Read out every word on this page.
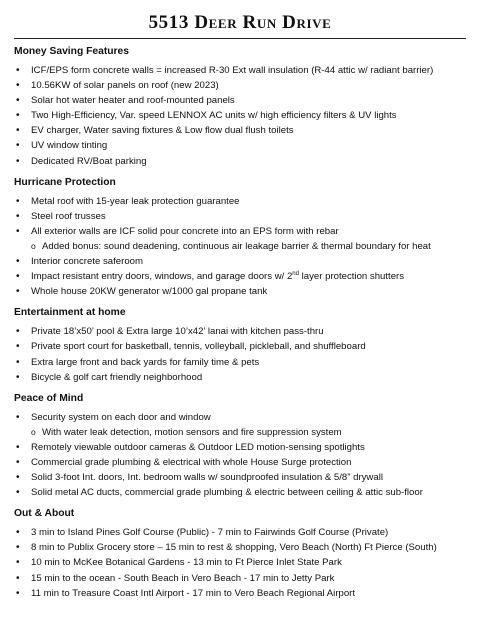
5513 Deer Run Drive
Money Saving Features
• ICF/EPS form concrete walls = increased R-30 Ext wall insulation (R-44 attic w/ radiant barrier)
• 10.56KW of solar panels on roof (new 2023)
• Solar hot water heater and roof-mounted panels
• Two High-Efficiency, Var. speed LENNOX AC units w/ high efficiency filters & UV lights
• EV charger, Water saving fixtures & Low flow dual flush toilets
• UV window tinting
• Dedicated RV/Boat parking
Hurricane Protection
• Metal roof with 15-year leak protection guarantee
• Steel roof trusses
• All exterior walls are ICF solid pour concrete into an EPS form with rebar
o Added bonus: sound deadening, continuous air leakage barrier & thermal boundary for heat
• Interior concrete saferoom
• Impact resistant entry doors, windows, and garage doors w/ 2nd layer protection shutters
• Whole house 20KW generator w/1000 gal propane tank
Entertainment at home
• Private 18’x50’ pool & Extra large 10’x42’ lanai with kitchen pass-thru
• Private sport court for basketball, tennis, volleyball, pickleball, and shuffleboard
• Extra large front and back yards for family time & pets
• Bicycle & golf cart friendly neighborhood
Peace of Mind
• Security system on each door and window
o With water leak detection, motion sensors and fire suppression system
• Remotely viewable outdoor cameras & Outdoor LED motion-sensing spotlights
• Commercial grade plumbing & electrical with whole House Surge protection
• Solid 3-foot Int. doors, Int. bedroom walls w/ soundproofed insulation & 5/8” drywall
• Solid metal AC ducts, commercial grade plumbing & electric between ceiling & attic sub-floor
Out & About
• 3 min to Island Pines Golf Course (Public) - 7 min to Fairwinds Golf Course (Private)
• 8 min to Publix Grocery store – 15 min to rest & shopping, Vero Beach (North) Ft Pierce (South)
• 10 min to McKee Botanical Gardens - 13 min to Ft Pierce Inlet State Park
• 15 min to the ocean - South Beach in Vero Beach - 17 min to Jetty Park
• 11 min to Treasure Coast Intl Airport - 17 min to Vero Beach Regional Airport
